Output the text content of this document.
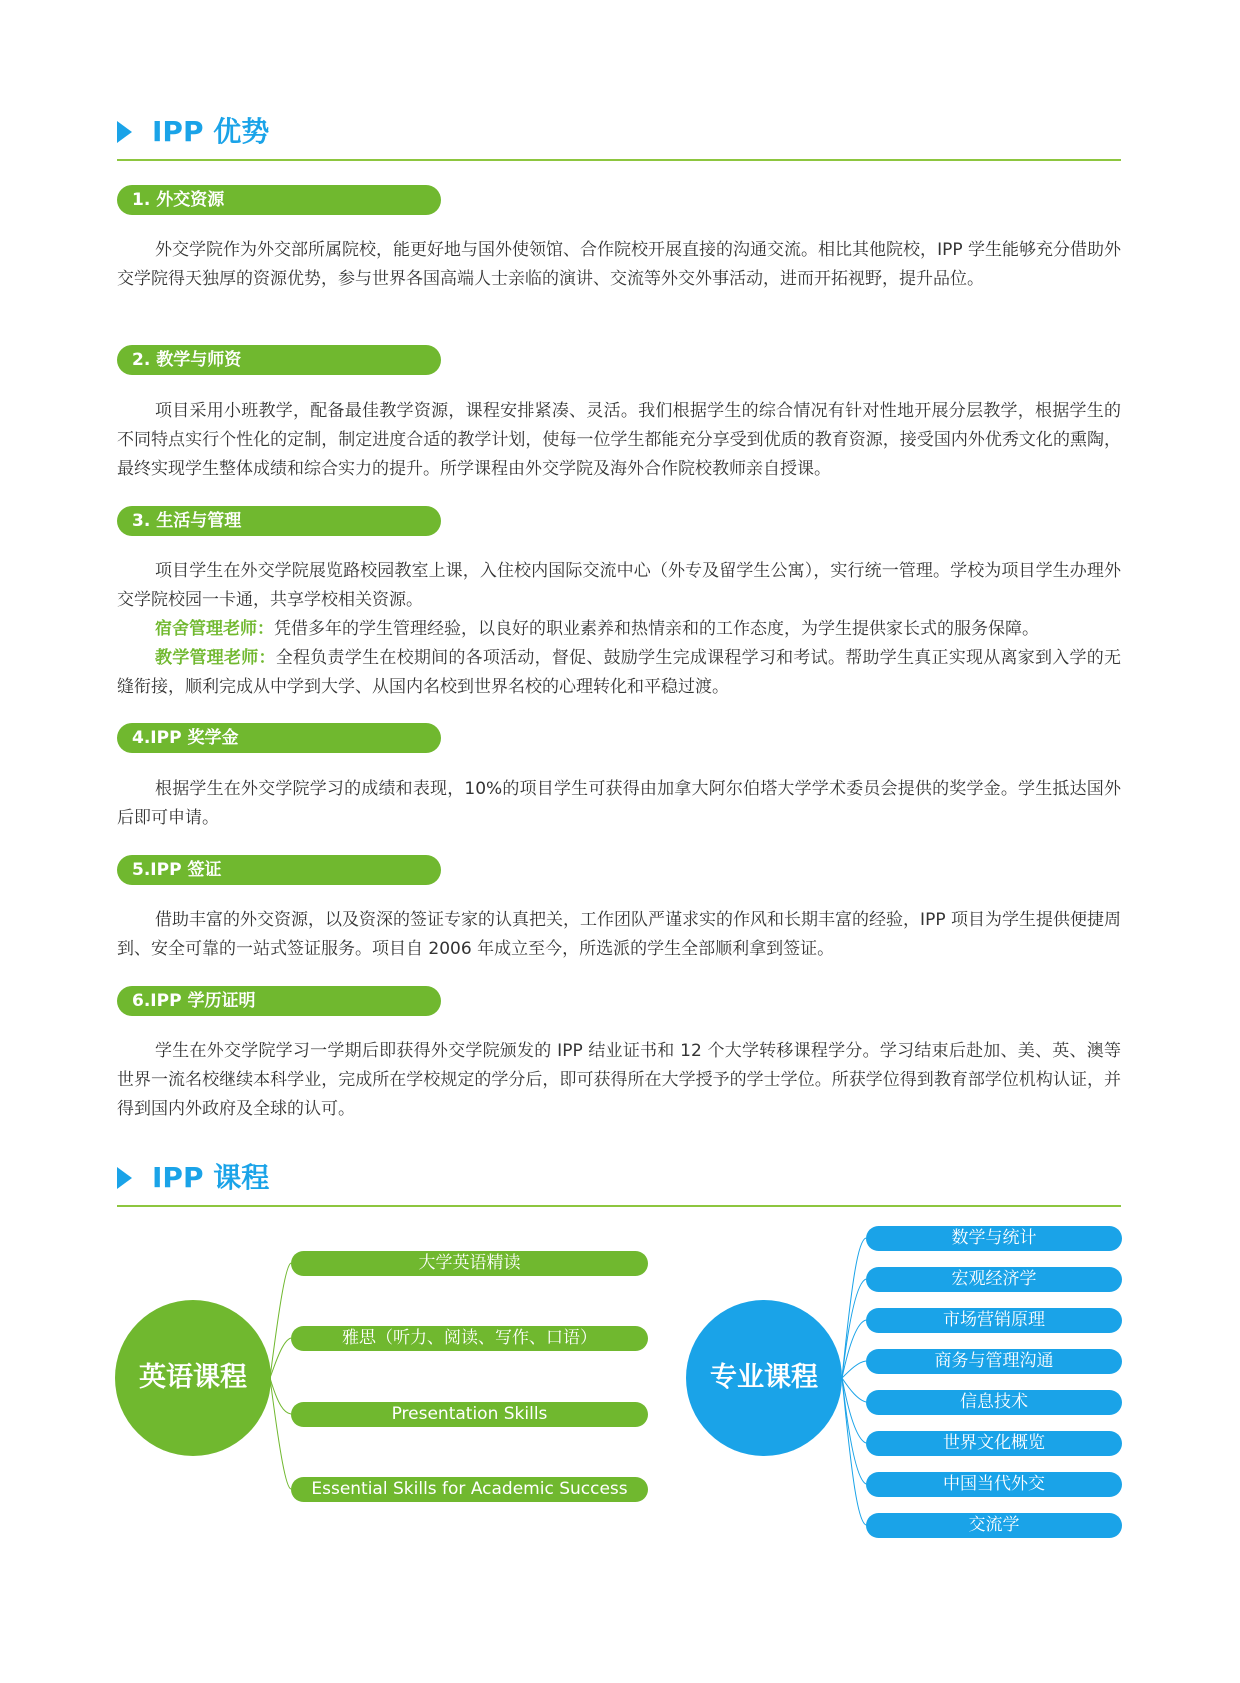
IPP 优势
1. 外交资源

外交学院作为外交部所属院校，能更好地与国外使领馆、合作院校开展直接的沟通交流。相比其他院校，IPP 学生能够充分借助外交学院得天独厚的资源优势，参与世界各国高端人士亲临的演讲、交流等外交外事活动，进而开拓视野，提升品位。

2. 教学与师资

项目采用小班教学，配备最佳教学资源，课程安排紧凑、灵活。我们根据学生的综合情况有针对性地开展分层教学，根据学生的不同特点实行个性化的定制，制定进度合适的教学计划，使每一位学生都能充分享受到优质的教育资源，接受国内外优秀文化的熏陶，最终实现学生整体成绩和综合实力的提升。所学课程由外交学院及海外合作院校教师亲自授课。

3. 生活与管理

项目学生在外交学院展览路校园教室上课，入住校内国际交流中心（外专及留学生公寓），实行统一管理。学校为项目学生办理外交学院校园一卡通，共享学校相关资源。

宿舍管理老师：凭借多年的学生管理经验，以良好的职业素养和热情亲和的工作态度，为学生提供家长式的服务保障。

教学管理老师：全程负责学生在校期间的各项活动，督促、鼓励学生完成课程学习和考试。帮助学生真正实现从离家到入学的无缝衔接，顺利完成从中学到大学、从国内名校到世界名校的心理转化和平稳过渡。

4.IPP 奖学金

根据学生在外交学院学习的成绩和表现，10%的项目学生可获得由加拿大阿尔伯塔大学学术委员会提供的奖学金。学生抵达国外后即可申请。

5.IPP 签证

借助丰富的外交资源，以及资深的签证专家的认真把关，工作团队严谨求实的作风和长期丰富的经验，IPP 项目为学生提供便捷周到、安全可靠的一站式签证服务。项目自 2006 年成立至今，所选派的学生全部顺利拿到签证。

6.IPP 学历证明

学生在外交学院学习一学期后即获得外交学院颁发的 IPP 结业证书和 12 个大学转移课程学分。学习结束后赴加、美、英、澳等世界一流名校继续本科学业，完成所在学校规定的学分后，即可获得所在大学授予的学士学位。所获学位得到教育部学位机构认证，并得到国内外政府及全球的认可。

IPP 课程
英语课程
大学英语精读
雅思（听力、阅读、写作、口语）
Presentation Skills
Essential Skills for Academic Success
专业课程
数学与统计
宏观经济学
市场营销原理
商务与管理沟通
信息技术
世界文化概览
中国当代外交
交流学
